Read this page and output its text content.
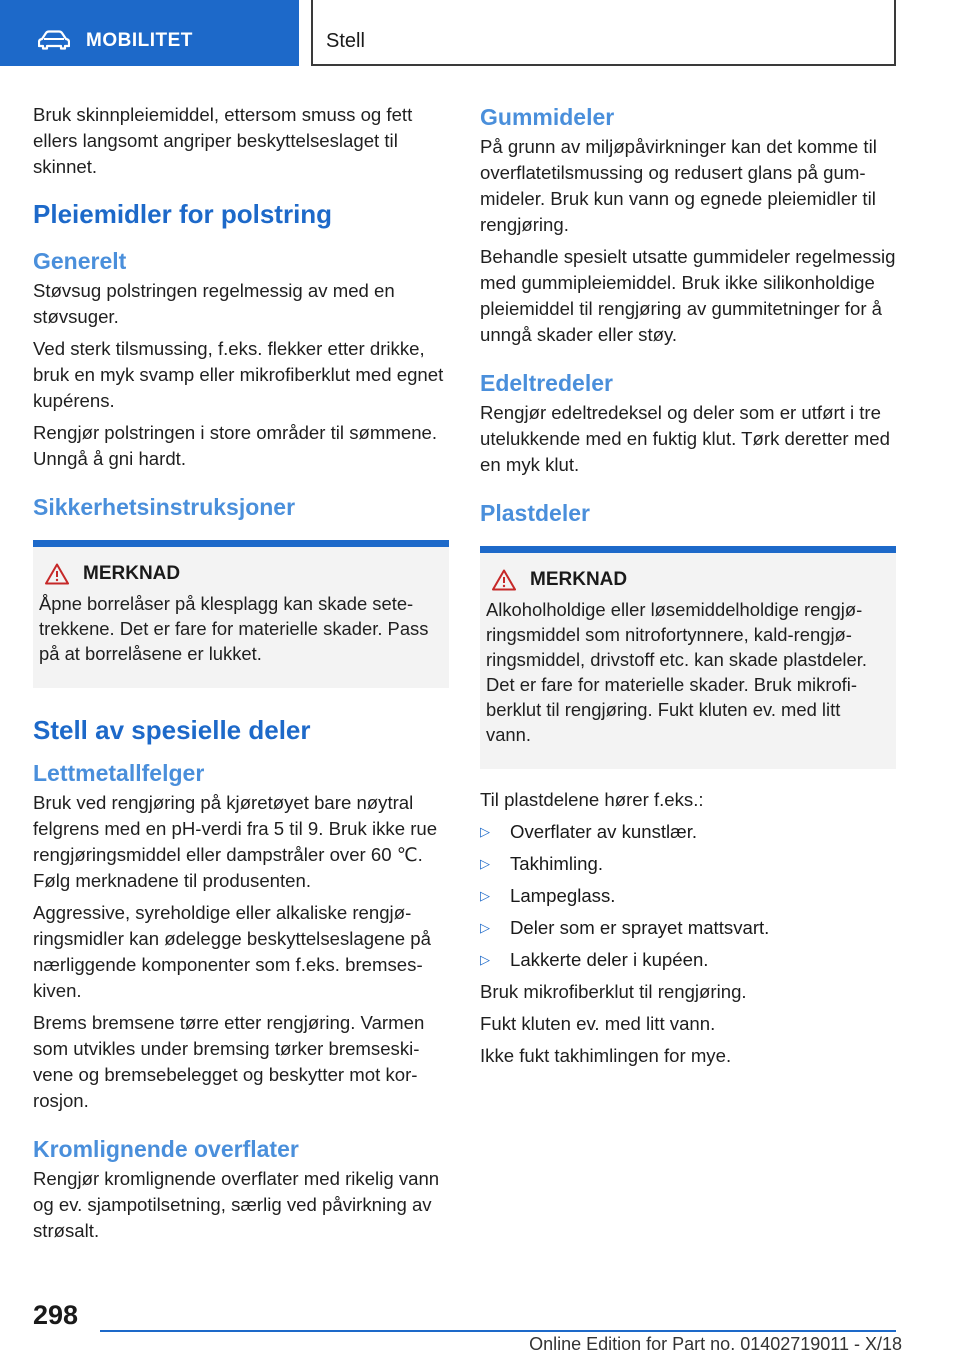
MOBILITET	Stell

Bruk skinnpleiemiddel, ettersom smuss og fett ellers langsomt angriper beskyttelseslaget til skinnet.

Pleiemidler for polstring
Generelt

Støvsug polstringen regelmessig av med en støvsuger.

Ved sterk tilsmussing, f.eks. flekker etter drikke, bruk en myk svamp eller mikrofiberklut med egnet kupérens.

Rengjør polstringen i store områder til sømmene. Unngå å gni hardt.

Sikkerhetsinstruksjoner
MERKNAD

Åpne borrelåser på klesplagg kan skade setetrekkene. Det er fare for materielle skader. Pass på at borrelåsene er lukket.

Stell av spesielle deler
Lettmetallfelger

Bruk ved rengjøring på kjøretøyet bare nøytral felgrens med en pH-verdi fra 5 til 9. Bruk ikke rue rengjøringsmiddel eller dampstråler over 60 ℃. Følg merknadene til produsenten.

Aggressive, syreholdige eller alkaliske rengjøringsmidler kan ødelegge beskyttelseslagene på nærliggende komponenter som f.eks. bremseskiven.

Brems bremsene tørre etter rengjøring. Varmen som utvikles under bremsing tørker bremseskivene og bremsebelegget og beskytter mot korrosjon.

Kromlignende overflater

Rengjør kromlignende overflater med rikelig vann og ev. sjampotilsetning, særlig ved påvirkning av strøsalt.

Gummideler

På grunn av miljøpåvirkninger kan det komme til overflatetilsmussing og redusert glans på gummideler. Bruk kun vann og egnede pleiemidler til rengjøring.

Behandle spesielt utsatte gummideler regelmessig med gummipleiemiddel. Bruk ikke silikonholdige pleiemiddel til rengjøring av gummitetninger for å unngå skader eller støy.

Edeltredeler

Rengjør edeltredeksel og deler som er utført i tre utelukkende med en fuktig klut. Tørk deretter med en myk klut.

Plastdeler
MERKNAD

Alkoholholdige eller løsemiddelholdige rengjøringsmiddel som nitrofortynnere, kald-rengjøringsmiddel, drivstoff etc. kan skade plastdeler. Det er fare for materielle skader. Bruk mikrofiberklut til rengjøring. Fukt kluten ev. med litt vann.

Til plastdelene hører f.eks.:

▷	Overflater av kunstlær.
▷	Takhimling.
▷	Lampeglass.
▷	Deler som er sprayet mattsvart.
▷	Lakkerte deler i kupéen.

Bruk mikrofiberklut til rengjøring.

Fukt kluten ev. med litt vann.

Ikke fukt takhimlingen for mye.

298
Online Edition for Part no. 01402719011 - X/18
